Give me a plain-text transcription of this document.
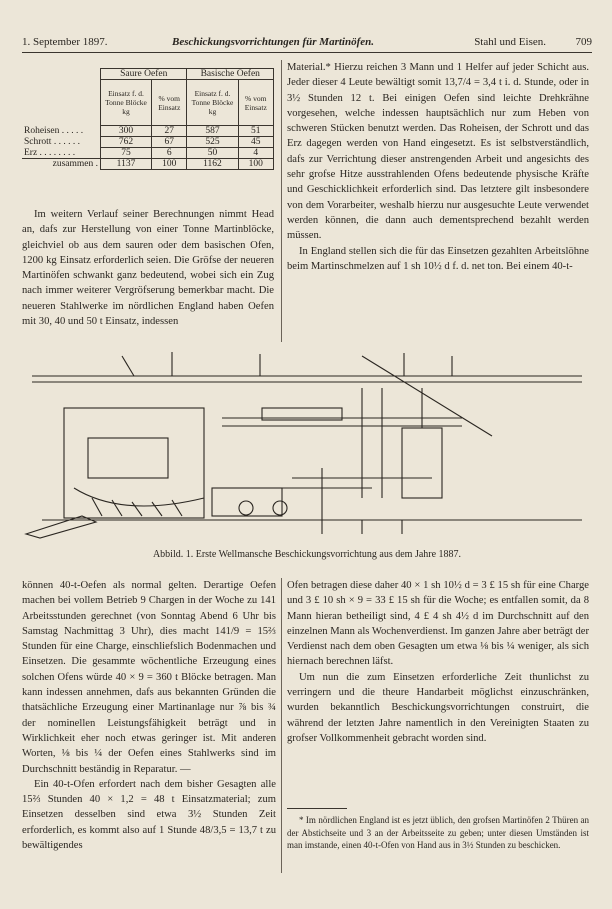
1. September 1897.	Beschickungsvorrichtungen für Martinöfen.	Stahl und Eisen.	709
	Saure Oefen		Basische Oefen	
	Einsatz f. d. Tonne Blöcke kg	% vom Einsatz	Einsatz f. d. Tonne Blöcke kg	% vom Einsatz
Roheisen . . . . .	300	27	587	51
Schrott . . . . . .	762	67	525	45
Erz . . . . . . . .	75	6	50	4
zusammen .	1137	100	1162	100

Im weitern Verlauf seiner Berechnungen nimmt Head an, dafs zur Herstellung von einer Tonne Martinblöcke, gleichviel ob aus dem sauren oder dem basischen Ofen, 1200 kg Einsatz erforderlich seien. Die Gröfse der neueren Martinöfen schwankt ganz bedeutend, wobei sich ein Zug nach immer weiterer Vergröfserung bemerkbar macht. Die neueren Stahlwerke im nördlichen England haben Oefen mit 30, 40 und 50 t Einsatz, indessen

Material.* Hierzu reichen 3 Mann und 1 Helfer auf jeder Schicht aus. Jeder dieser 4 Leute bewältigt somit 13,7/4 = 3,4 t i. d. Stunde, oder in 3½ Stunden 12 t. Bei einigen Oefen sind leichte Drehkrähne vorgesehen, welche indessen hauptsächlich nur zum Heben von schweren Stücken benutzt werden. Das Roheisen, der Schrott und das Erz dagegen werden von Hand eingesetzt. Es ist selbstverständlich, dafs zur Verrichtung dieser anstrengenden Arbeit und angesichts des sehr grofse Hitze ausstrahlenden Ofens bedeutende physische Kräfte und Geschicklichkeit erforderlich sind. Das letztere gilt insbesondere von dem Vorarbeiter, weshalb hierzu nur ausgesuchte Leute verwendet werden können, die dann auch dementsprechend bezahlt werden müssen.

In England stellen sich die für das Einsetzen gezahlten Arbeitslöhne beim Martinschmelzen auf 1 sh 10½ d f. d. net ton. Bei einem 40-t-

Abbild. 1. Erste Wellmansche Beschickungsvorrichtung aus dem Jahre 1887.

können 40-t-Oefen als normal gelten. Derartige Oefen machen bei vollem Betrieb 9 Chargen in der Woche zu 141 Arbeitsstunden gerechnet (von Sonntag Abend 6 Uhr bis Samstag Nachmittag 3 Uhr), dies macht 141/9 = 15⅔ Stunden für eine Charge, einschliefslich Bodenmachen und Einsetzen. Die gesammte wöchentliche Erzeugung eines solchen Ofens würde 40 × 9 = 360 t Blöcke betragen. Man kann indessen annehmen, dafs aus bekannten Gründen die thatsächliche Erzeugung einer Martinanlage nur ⅞ bis ¾ der nominellen Leistungsfähigkeit beträgt und in Wirklichkeit eher noch etwas geringer ist. Mit anderen Worten, ⅛ bis ¼ der Oefen eines Stahlwerks sind im Durchschnitt beständig in Reparatur. —

Ein 40-t-Ofen erfordert nach dem bisher Gesagten alle 15⅔ Stunden 40 × 1,2 = 48 t Einsatzmaterial; zum Einsetzen desselben sind etwa 3½ Stunden Zeit erforderlich, es kommt also auf 1 Stunde 48/3,5 = 13,7 t zu bewältigendes

Ofen betragen diese daher 40 × 1 sh 10½ d = 3 £ 15 sh für eine Charge und 3 £ 10 sh × 9 = 33 £ 15 sh für die Woche; es entfallen somit, da 8 Mann hieran betheiligt sind, 4 £ 4 sh 4½ d im Durchschnitt auf den einzelnen Mann als Wochenverdienst. Im ganzen Jahre aber beträgt der Verdienst nach dem oben Gesagten um etwa ⅛ bis ¼ weniger, als sich hiernach berechnen läfst.

Um nun die zum Einsetzen erforderliche Zeit thunlichst zu verringern und die theure Handarbeit möglichst einzuschränken, wurden bekanntlich Beschickungsvorrichtungen construirt, die während der letzten Jahre namentlich in den Vereinigten Staaten zu grofser Vollkommenheit gebracht worden sind.

* Im nördlichen England ist es jetzt üblich, den grofsen Martinöfen 2 Thüren an der Abstichseite und 3 an der Arbeitsseite zu geben; unter diesen Umständen ist man imstande, einen 40-t-Ofen von Hand aus in 3½ Stunden zu beschicken.
